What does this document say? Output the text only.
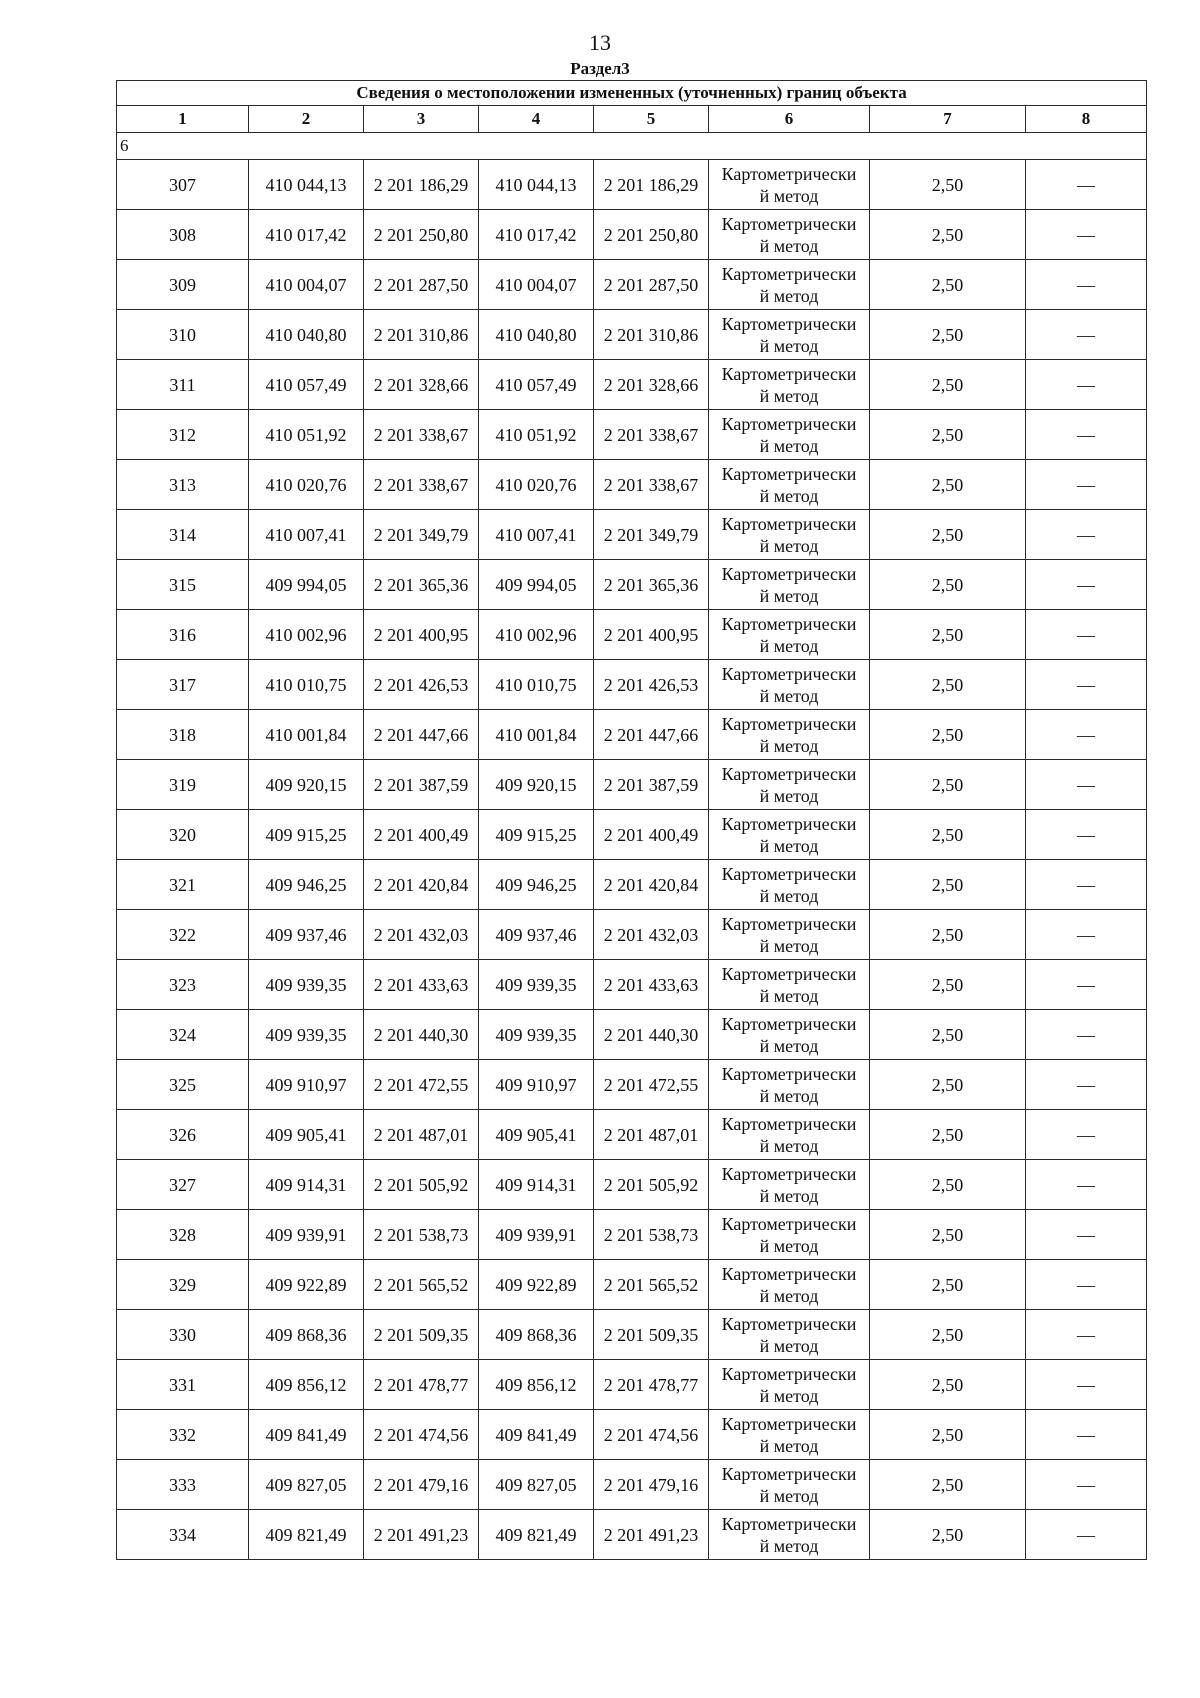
13
Раздел3
Сведения о местоположении измененных (уточненных) границ объекта							
1	2	3	4	5	6	7	8
6							
307	410 044,13	2 201 186,29	410 044,13	2 201 186,29	Картометрически
й метод	2,50	—
308	410 017,42	2 201 250,80	410 017,42	2 201 250,80	Картометрически
й метод	2,50	—
309	410 004,07	2 201 287,50	410 004,07	2 201 287,50	Картометрически
й метод	2,50	—
310	410 040,80	2 201 310,86	410 040,80	2 201 310,86	Картометрически
й метод	2,50	—
311	410 057,49	2 201 328,66	410 057,49	2 201 328,66	Картометрически
й метод	2,50	—
312	410 051,92	2 201 338,67	410 051,92	2 201 338,67	Картометрически
й метод	2,50	—
313	410 020,76	2 201 338,67	410 020,76	2 201 338,67	Картометрически
й метод	2,50	—
314	410 007,41	2 201 349,79	410 007,41	2 201 349,79	Картометрически
й метод	2,50	—
315	409 994,05	2 201 365,36	409 994,05	2 201 365,36	Картометрически
й метод	2,50	—
316	410 002,96	2 201 400,95	410 002,96	2 201 400,95	Картометрически
й метод	2,50	—
317	410 010,75	2 201 426,53	410 010,75	2 201 426,53	Картометрически
й метод	2,50	—
318	410 001,84	2 201 447,66	410 001,84	2 201 447,66	Картометрически
й метод	2,50	—
319	409 920,15	2 201 387,59	409 920,15	2 201 387,59	Картометрически
й метод	2,50	—
320	409 915,25	2 201 400,49	409 915,25	2 201 400,49	Картометрически
й метод	2,50	—
321	409 946,25	2 201 420,84	409 946,25	2 201 420,84	Картометрически
й метод	2,50	—
322	409 937,46	2 201 432,03	409 937,46	2 201 432,03	Картометрически
й метод	2,50	—
323	409 939,35	2 201 433,63	409 939,35	2 201 433,63	Картометрически
й метод	2,50	—
324	409 939,35	2 201 440,30	409 939,35	2 201 440,30	Картометрически
й метод	2,50	—
325	409 910,97	2 201 472,55	409 910,97	2 201 472,55	Картометрически
й метод	2,50	—
326	409 905,41	2 201 487,01	409 905,41	2 201 487,01	Картометрически
й метод	2,50	—
327	409 914,31	2 201 505,92	409 914,31	2 201 505,92	Картометрически
й метод	2,50	—
328	409 939,91	2 201 538,73	409 939,91	2 201 538,73	Картометрически
й метод	2,50	—
329	409 922,89	2 201 565,52	409 922,89	2 201 565,52	Картометрически
й метод	2,50	—
330	409 868,36	2 201 509,35	409 868,36	2 201 509,35	Картометрически
й метод	2,50	—
331	409 856,12	2 201 478,77	409 856,12	2 201 478,77	Картометрически
й метод	2,50	—
332	409 841,49	2 201 474,56	409 841,49	2 201 474,56	Картометрически
й метод	2,50	—
333	409 827,05	2 201 479,16	409 827,05	2 201 479,16	Картометрически
й метод	2,50	—
334	409 821,49	2 201 491,23	409 821,49	2 201 491,23	Картометрически
й метод	2,50	—
